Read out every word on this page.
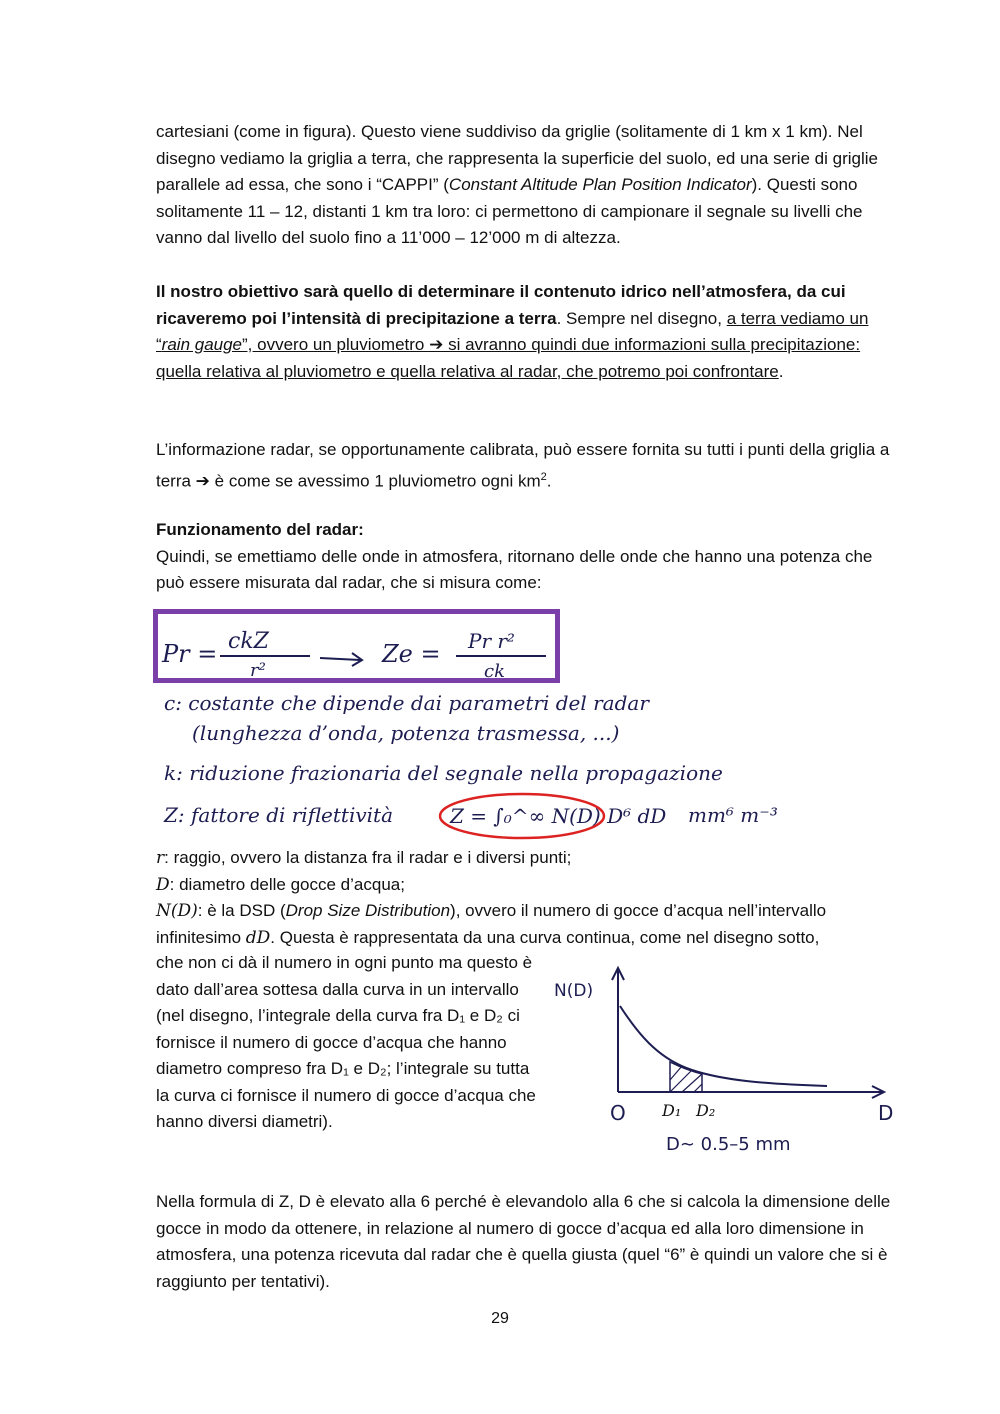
cartesiani (come in figura). Questo viene suddiviso da griglie (solitamente di 1 km x 1 km). Nel disegno vediamo la griglia a terra, che rappresenta la superficie del suolo, ed una serie di griglie parallele ad essa, che sono i “CAPPI” (Constant Altitude Plan Position Indicator). Questi sono solitamente 11 – 12, distanti 1 km tra loro: ci permettono di campionare il segnale su livelli che vanno dal livello del suolo fino a 11’000 – 12’000 m di altezza.

Il nostro obiettivo sarà quello di determinare il contenuto idrico nell’atmosfera, da cui ricaveremo poi l’intensità di precipitazione a terra. Sempre nel disegno, a terra vediamo un “rain gauge”, ovvero un pluviometro ➔ si avranno quindi due informazioni sulla precipitazione: quella relativa al pluviometro e quella relativa al radar, che potremo poi confrontare.

L’informazione radar, se opportunamente calibrata, può essere fornita su tutti i punti della griglia a terra ➔ è come se avessimo 1 pluviometro ogni $km^2$.

Funzionamento del radar:

Quindi, se emettiamo delle onde in atmosfera, ritornano delle onde che hanno una potenza che può essere misurata dal radar, che si misura come:

Pr = ckZ
r²
Ze = Pr r²
ck
c: costante che dipende dai parametri del radar
(lunghezza d’onda, potenza trasmessa, ...)
k: riduzione frazionaria del segnale nella propagazione
Z: fattore di riflettività	Z = ∫₀^∞ N(D) D⁶ dD mm⁶ m⁻³

r: raggio, ovvero la distanza fra il radar e i diversi punti;

D: diametro delle gocce d’acqua;

N(D): è la DSD (Drop Size Distribution), ovvero il numero di gocce d’acqua nell’intervallo infinitesimo dD. Questa è rappresentata da una curva continua, come nel disegno sotto,

che non ci dà il numero in ogni punto ma questo è dato dall’area sottesa dalla curva in un intervallo (nel disegno, l’integrale della curva fra D₁ e D₂ ci fornisce il numero di gocce d’acqua che hanno diametro compreso fra D₁ e D₂; l’integrale su tutta la curva ci fornisce il numero di gocce d’acqua che hanno diversi diametri).

N(D)
O	D
D₁ D₂
D∼ 0.5–5 mm

Nella formula di Z, D è elevato alla 6 perché è elevandolo alla 6 che si calcola la dimensione delle gocce in modo da ottenere, in relazione al numero di gocce d’acqua ed alla loro dimensione in atmosfera, una potenza ricevuta dal radar che è quella giusta (quel “6” è quindi un valore che si è raggiunto per tentativi).

29
